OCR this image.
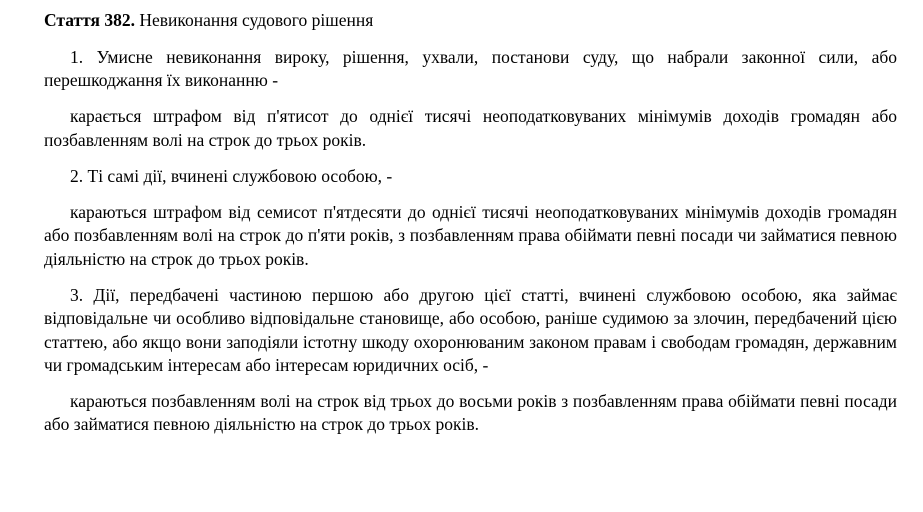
Стаття 382. Невиконання судового рішення

1. Умисне невиконання вироку, рішення, ухвали, постанови суду, що набрали законної сили, або перешкоджання їх виконанню -

карається штрафом від п'ятисот до однієї тисячі неоподатковуваних мінімумів доходів громадян або позбавленням волі на строк до трьох років.

2. Ті самі дії, вчинені службовою особою, -

караються штрафом від семисот п'ятдесяти до однієї тисячі неоподатковуваних мінімумів доходів громадян або позбавленням волі на строк до п'яти років, з позбавленням права обіймати певні посади чи займатися певною діяльністю на строк до трьох років.

3. Дії, передбачені частиною першою або другою цієї статті, вчинені службовою особою, яка займає відповідальне чи особливо відповідальне становище, або особою, раніше судимою за злочин, передбачений цією статтею, або якщо вони заподіяли істотну шкоду охоронюваним законом правам і свободам громадян, державним чи громадським інтересам або інтересам юридичних осіб, -

караються позбавленням волі на строк від трьох до восьми років з позбавленням права обіймати певні посади або займатися певною діяльністю на строк до трьох років.
